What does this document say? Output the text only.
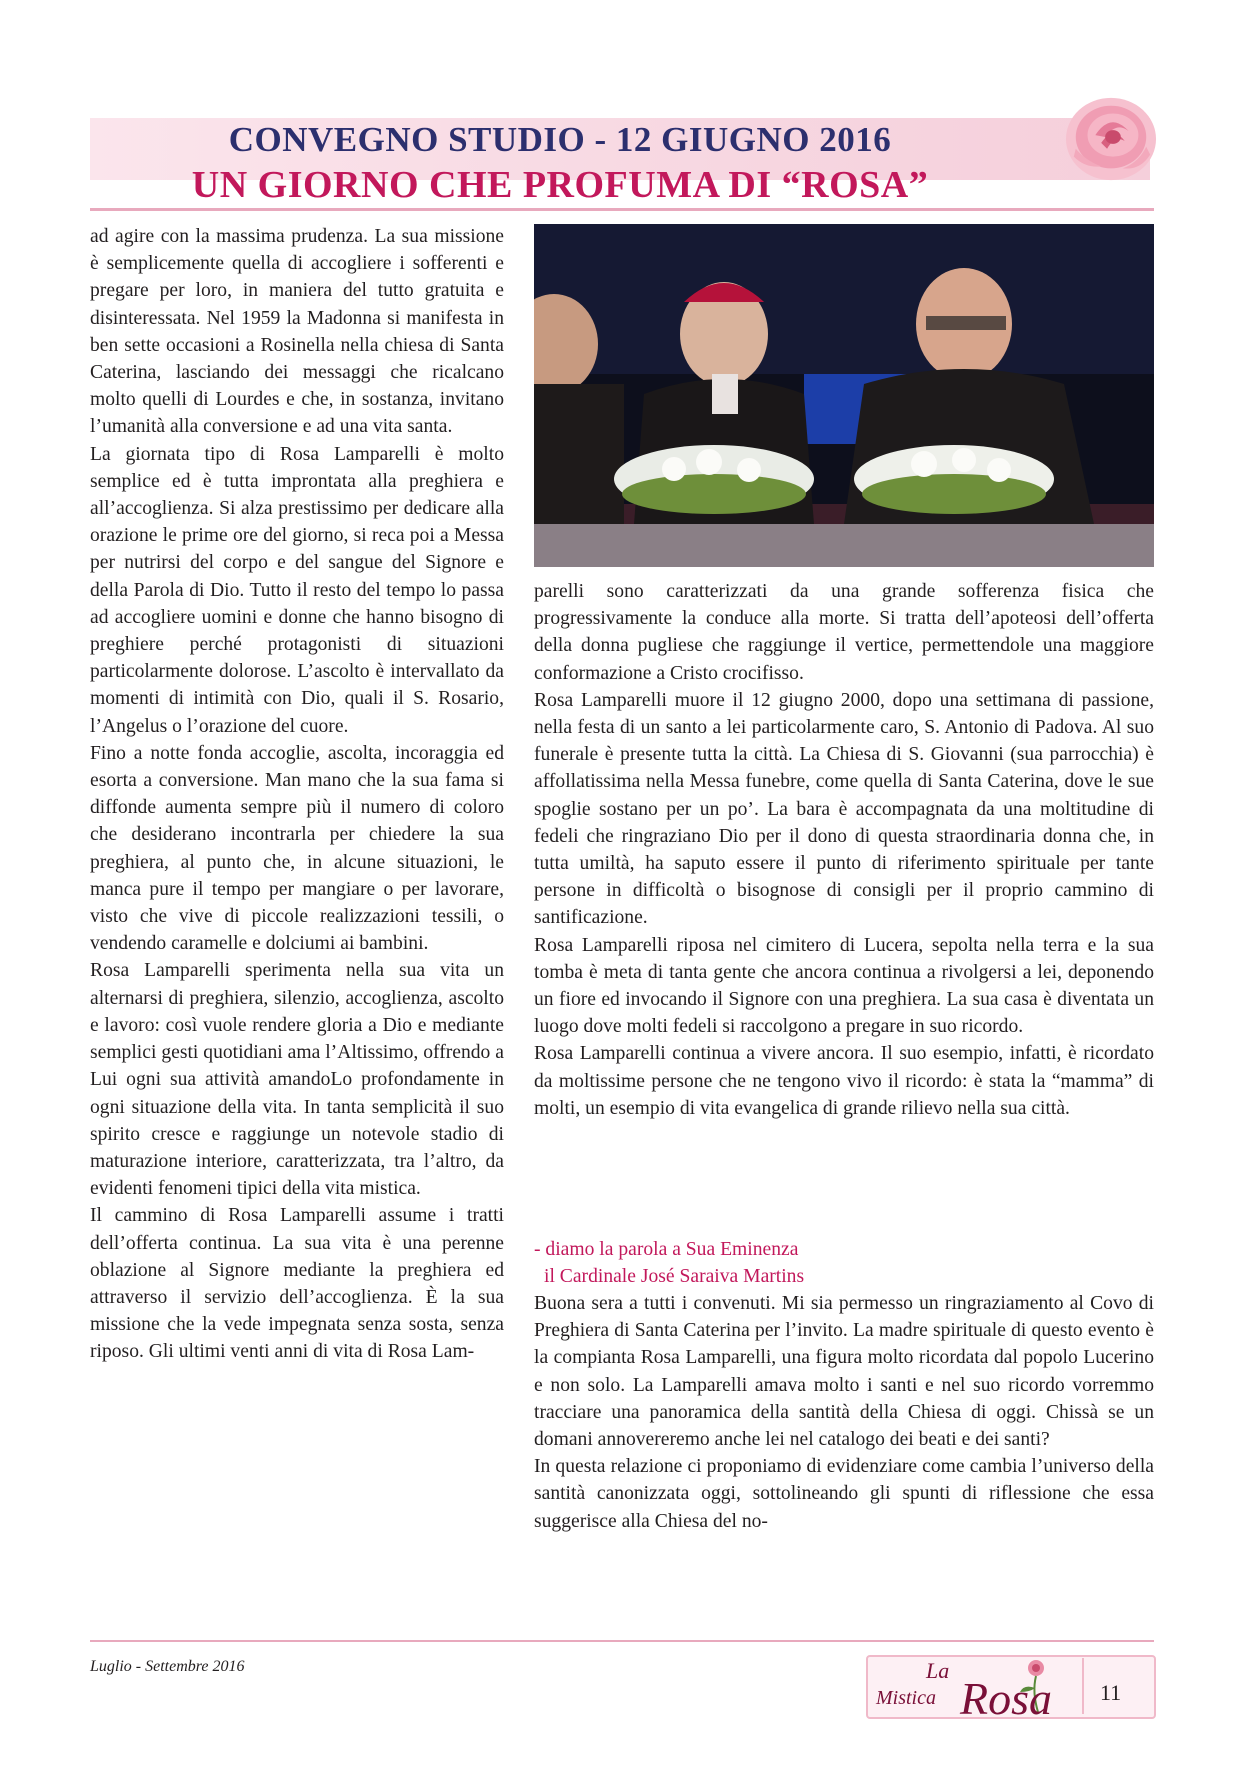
CONVEGNO STUDIO - 12 GIUGNO 2016
UN GIORNO CHE PROFUMA DI “ROSA”

ad agire con la massima prudenza. La sua missione è semplicemente quella di accogliere i sofferenti e pregare per loro, in maniera del tutto gratuita e disinteressata. Nel 1959 la Madonna si manifesta in ben sette occasioni a Rosinella nella chiesa di Santa Caterina, lasciando dei messaggi che ricalcano molto quelli di Lourdes e che, in sostanza, invitano l’umanità alla conversione e ad una vita santa.

La giornata tipo di Rosa Lamparelli è molto semplice ed è tutta improntata alla preghiera e all’accoglienza. Si alza prestissimo per dedicare alla orazione le prime ore del giorno, si reca poi a Messa per nutrirsi del corpo e del sangue del Signore e della Parola di Dio. Tutto il resto del tempo lo passa ad accogliere uomini e donne che hanno bisogno di preghiere perché protagonisti di situazioni particolarmente dolorose. L’ascolto è intervallato da momenti di intimità con Dio, quali il S. Rosario, l’Angelus o l’orazione del cuore.

Fino a notte fonda accoglie, ascolta, incoraggia ed esorta a conversione. Man mano che la sua fama si diffonde aumenta sempre più il numero di coloro che desiderano incontrarla per chiedere la sua preghiera, al punto che, in alcune situazioni, le manca pure il tempo per mangiare o per lavorare, visto che vive di piccole realizzazioni tessili, o vendendo caramelle e dolciumi ai bambini.

Rosa Lamparelli sperimenta nella sua vita un alternarsi di preghiera, silenzio, accoglienza, ascolto e lavoro: così vuole rendere gloria a Dio e mediante semplici gesti quotidiani ama l’Altissimo, offrendo a Lui ogni sua attività amandoLo profondamente in ogni situazione della vita. In tanta semplicità il suo spirito cresce e raggiunge un notevole stadio di maturazione interiore, caratterizzata, tra l’altro, da evidenti fenomeni tipici della vita mistica.

Il cammino di Rosa Lamparelli assume i tratti dell’offerta continua. La sua vita è una perenne oblazione al Signore mediante la preghiera ed attraverso il servizio dell’accoglienza. È la sua missione che la vede impegnata senza sosta, senza riposo. Gli ultimi venti anni di vita di Rosa Lam-

parelli sono caratterizzati da una grande sofferenza fisica che progressivamente la conduce alla morte. Si tratta dell’apoteosi dell’offerta della donna pugliese che raggiunge il vertice, permettendole una maggiore conformazione a Cristo crocifisso.

Rosa Lamparelli muore il 12 giugno 2000, dopo una settimana di passione, nella festa di un santo a lei particolarmente caro, S. Antonio di Padova. Al suo funerale è presente tutta la città. La Chiesa di S. Giovanni (sua parrocchia) è affollatissima nella Messa funebre, come quella di Santa Caterina, dove le sue spoglie sostano per un po’. La bara è accompagnata da una moltitudine di fedeli che ringraziano Dio per il dono di questa straordinaria donna che, in tutta umiltà, ha saputo essere il punto di riferimento spirituale per tante persone in difficoltà o bisognose di consigli per il proprio cammino di santificazione.

Rosa Lamparelli riposa nel cimitero di Lucera, sepolta nella terra e la sua tomba è meta di tanta gente che ancora continua a rivolgersi a lei, deponendo un fiore ed invocando il Signore con una preghiera. La sua casa è diventata un luogo dove molti fedeli si raccolgono a pregare in suo ricordo.

Rosa Lamparelli continua a vivere ancora. Il suo esempio, infatti, è ricordato da moltissime persone che ne tengono vivo il ricordo: è stata la “mamma” di molti, un esempio di vita evangelica di grande rilievo nella sua città.

- diamo la parola a Sua Eminenza
il Cardinale José Saraiva Martins

Buona sera a tutti i convenuti. Mi sia permesso un ringraziamento al Covo di Preghiera di Santa Caterina per l’invito. La madre spirituale di questo evento è la compianta Rosa Lamparelli, una figura molto ricordata dal popolo Lucerino e non solo. La Lamparelli amava molto i santi e nel suo ricordo vorremmo tracciare una panoramica della santità della Chiesa di oggi. Chissà se un domani annovereremo anche lei nel catalogo dei beati e dei santi?

In questa relazione ci proponiamo di evidenziare come cambia l’universo della santità canonizzata oggi, sottolineando gli spunti di riflessione che essa suggerisce alla Chiesa del no-

Luglio - Settembre 2016	La
Mistica Rosa 11
